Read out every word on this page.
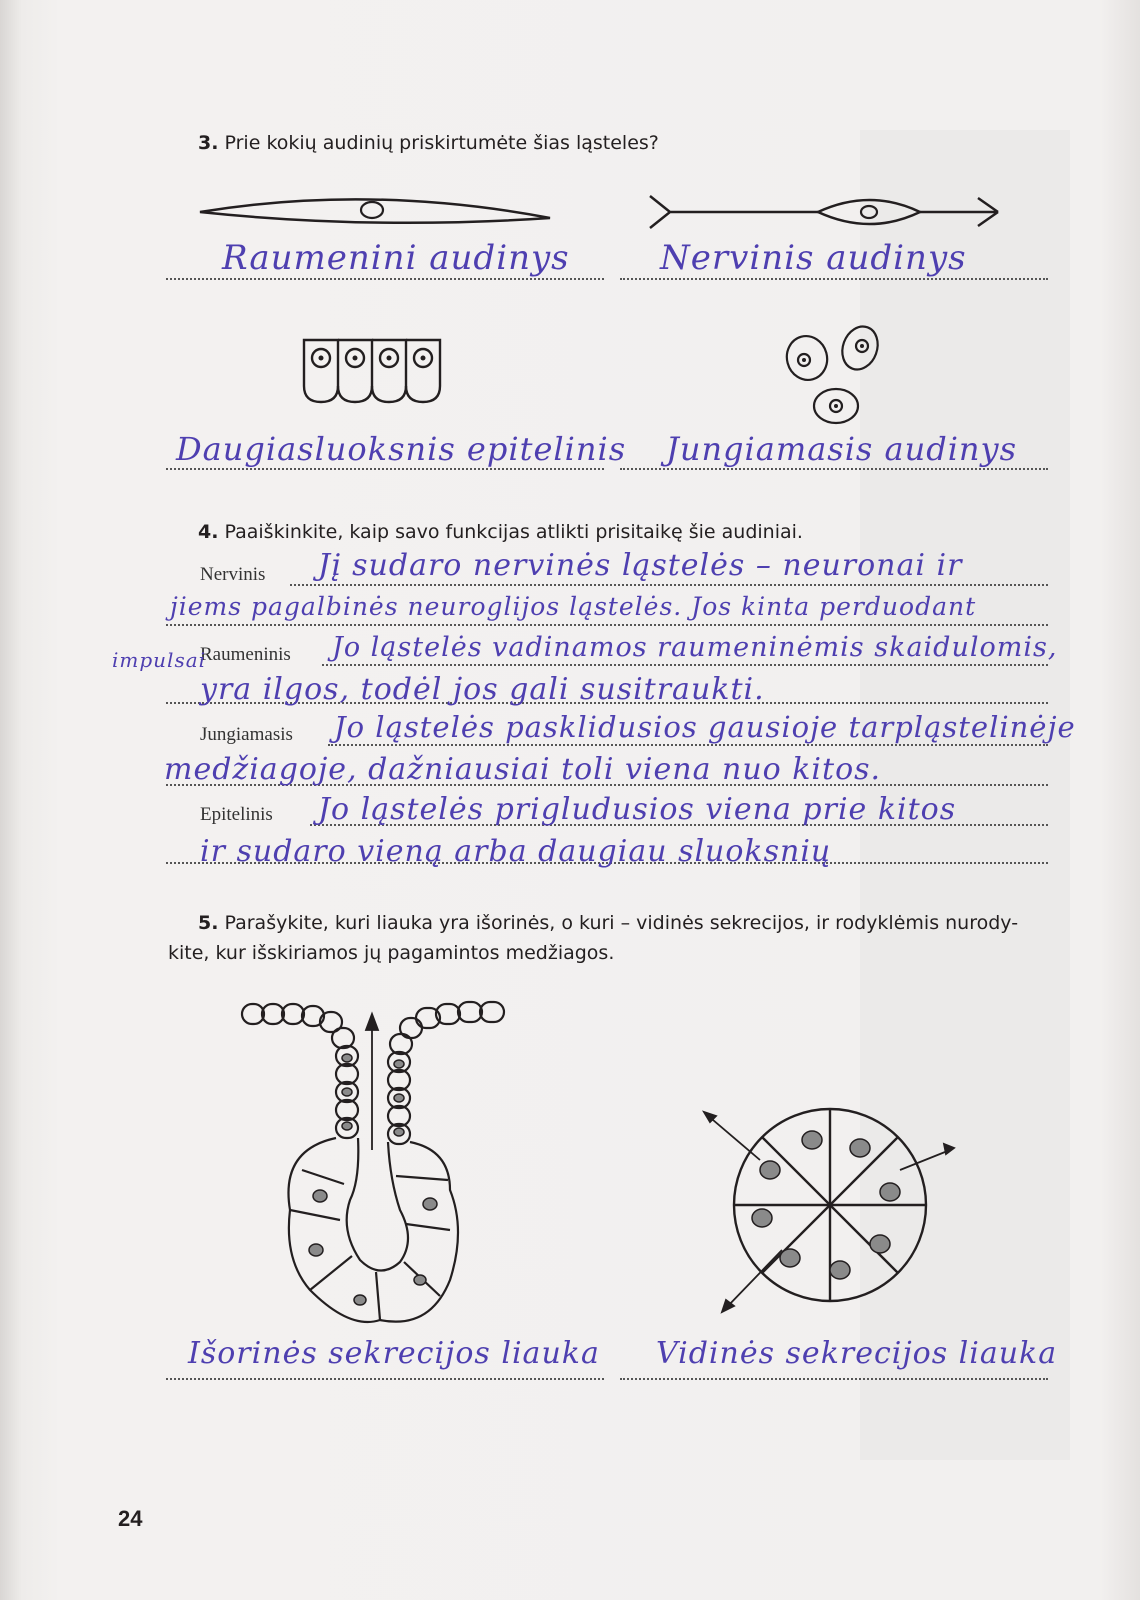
3. Prie kokių audinių priskirtumėte šias ląsteles?
Raumenini audinys	Nervinis audinys
Daugiasluoksnis epitelinis Jungiamasis audinys
4. Paaiškinkite, kaip savo funkcijas atlikti prisitaikę šie audiniai.
Nervinis
Raumeninis
Jungiamasis
Epitelinis
Jį sudaro nervinės ląstelės – neuronai ir
jiems pagalbinės neuroglijos ląstelės. Jos kinta perduodant
impulsai	Jo ląstelės vadinamos raumeninėmis skaidulomis,
yra ilgos, todėl jos gali susitraukti.
Jo ląstelės pasklidusios gausioje tarpląstelinėje
medžiagoje, dažniausiai toli viena nuo kitos.
Jo ląstelės prigludusios viena prie kitos
ir sudaro vieną arba daugiau sluoksnių
5. Parašykite, kuri liauka yra išorinės, o kuri – vidinės sekrecijos, ir rodyklėmis nurody-
kite, kur išskiriamos jų pagamintos medžiagos.
Išorinės sekrecijos liauka Vidinės sekrecijos liauka
24
